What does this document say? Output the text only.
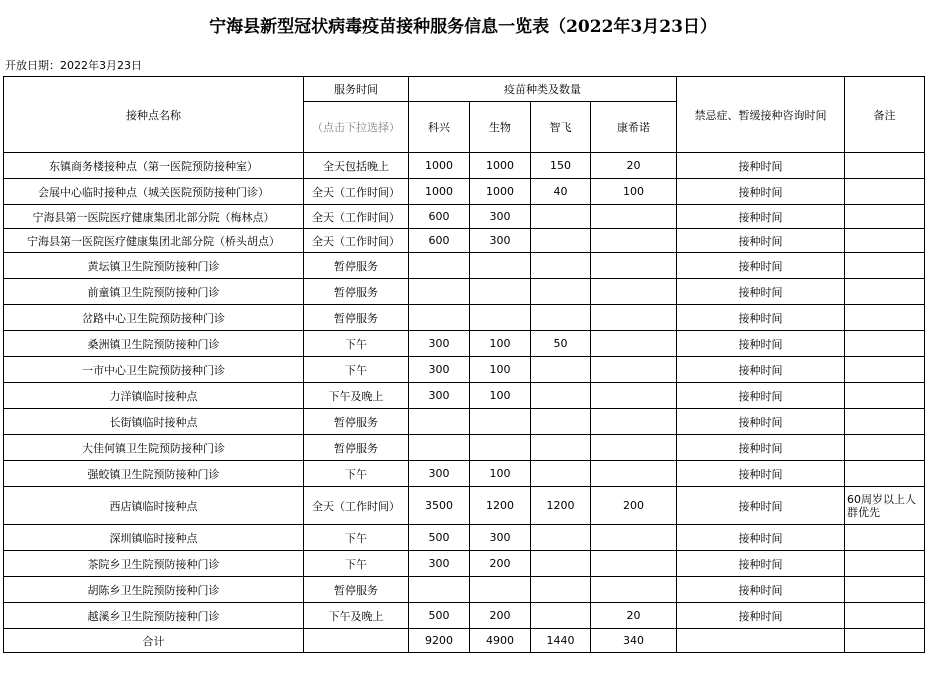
宁海县新型冠状病毒疫苗接种服务信息一览表（2022年3月23日）
开放日期：2022年3月23日
接种点名称	服务时间	疫苗种类及数量				禁忌症、暂缓接种咨询时间	备注
	（点击下拉选择）	科兴	生物	智飞	康希诺		
东镇商务楼接种点（第一医院预防接种室）	全天包括晚上	1000	1000	150	20	接种时间	
会展中心临时接种点（城关医院预防接种门诊）	全天（工作时间）	1000	1000	40	100	接种时间	
宁海县第一医院医疗健康集团北部分院（梅林点）	全天（工作时间）	600	300			接种时间	
宁海县第一医院医疗健康集团北部分院（桥头胡点）	全天（工作时间）	600	300			接种时间	
黄坛镇卫生院预防接种门诊	暂停服务					接种时间	
前童镇卫生院预防接种门诊	暂停服务					接种时间	
岔路中心卫生院预防接种门诊	暂停服务					接种时间	
桑洲镇卫生院预防接种门诊	下午	300	100	50		接种时间	
一市中心卫生院预防接种门诊	下午	300	100			接种时间	
力洋镇临时接种点	下午及晚上	300	100			接种时间	
长街镇临时接种点	暂停服务					接种时间	
大佳何镇卫生院预防接种门诊	暂停服务					接种时间	
强蛟镇卫生院预防接种门诊	下午	300	100			接种时间	
西店镇临时接种点	全天（工作时间）	3500	1200	1200	200	接种时间	60周岁以上人群优先
深圳镇临时接种点	下午	500	300			接种时间	
茶院乡卫生院预防接种门诊	下午	300	200			接种时间	
胡陈乡卫生院预防接种门诊	暂停服务					接种时间	
越溪乡卫生院预防接种门诊	下午及晚上	500	200		20	接种时间	
合计		9200	4900	1440	340		
